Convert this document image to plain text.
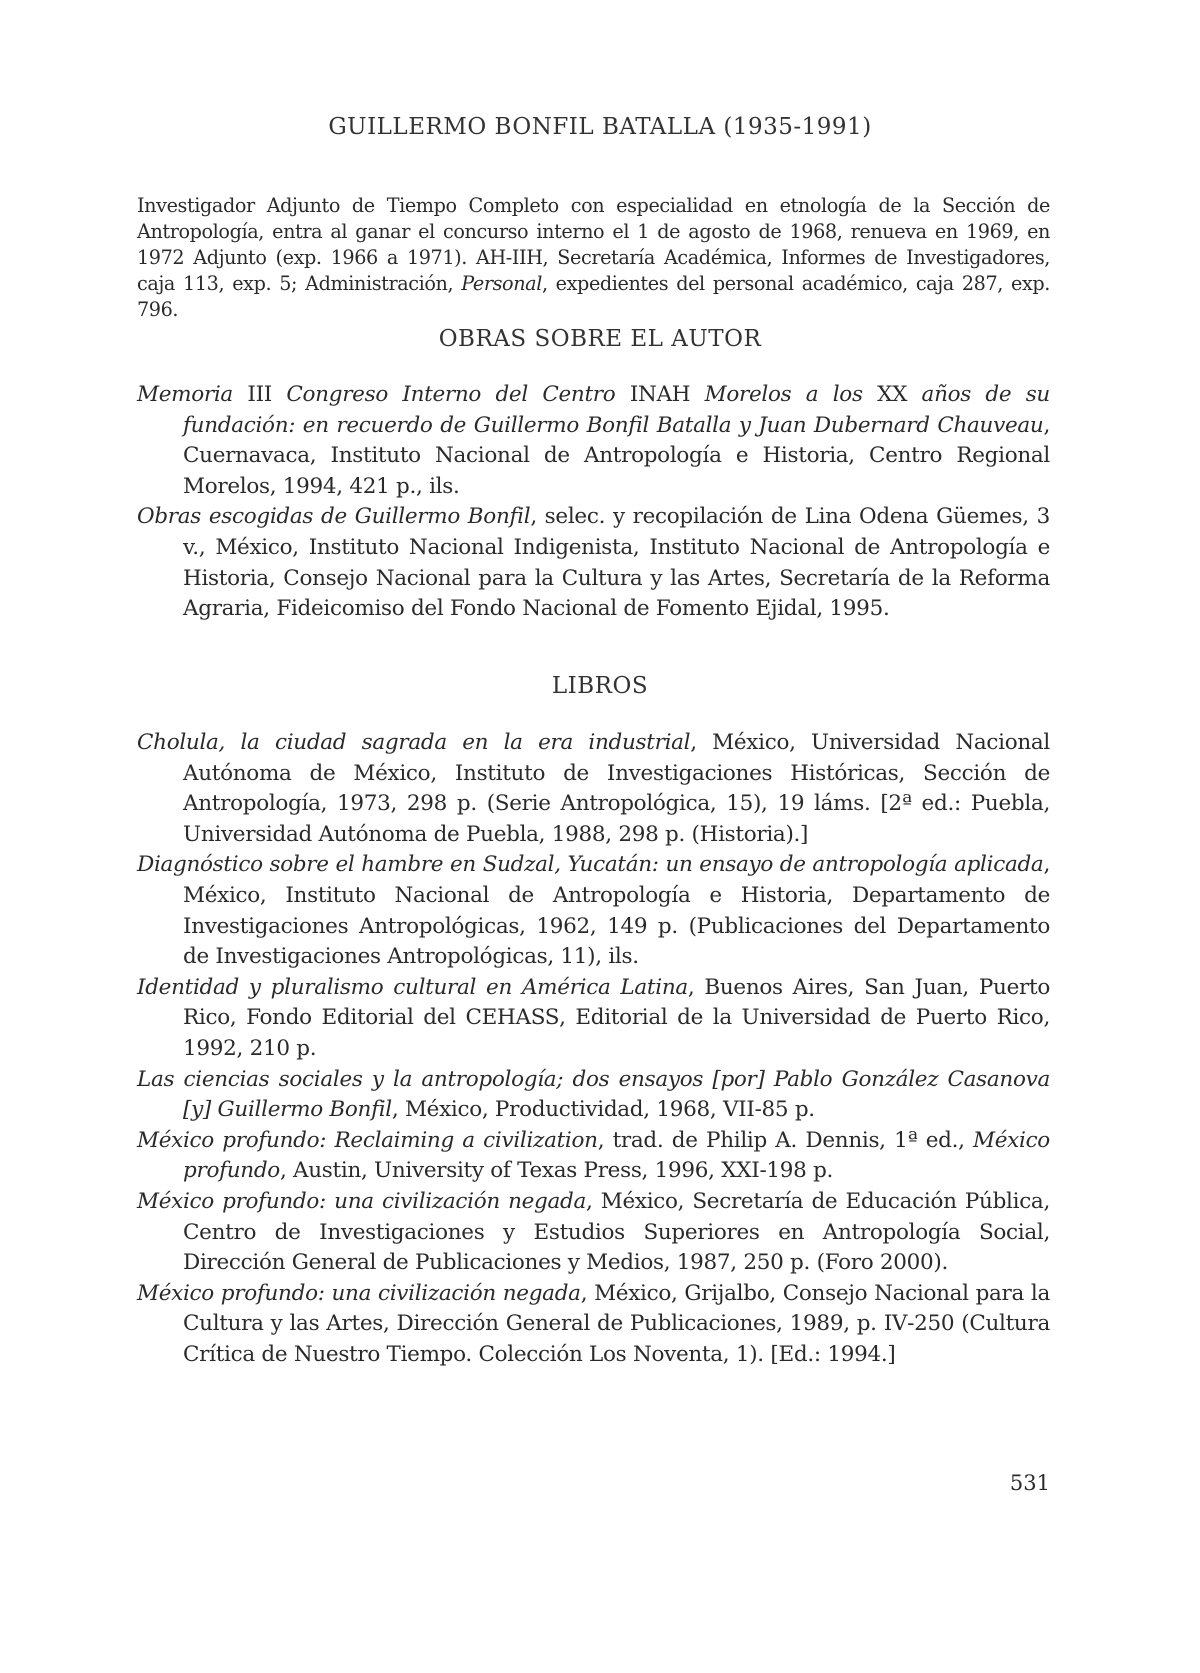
GUILLERMO BONFIL BATALLA (1935-1991)

Investigador Adjunto de Tiempo Completo con especialidad en etnología de la Sección de Antropología, entra al ganar el concurso interno el 1 de agosto de 1968, renueva en 1969, en 1972 Adjunto (exp. 1966 a 1971). AH-IIH, Secretaría Académica, Informes de Investigadores, caja 113, exp. 5; Administración, Personal, expedientes del personal académico, caja 287, exp. 796.

OBRAS SOBRE EL AUTOR

Memoria III Congreso Interno del Centro INAH Morelos a los XX años de su fundación: en recuerdo de Guillermo Bonfil Batalla y Juan Dubernard Chauveau, Cuernavaca, Instituto Nacional de Antropología e Historia, Centro Regional Morelos, 1994, 421 p., ils.

Obras escogidas de Guillermo Bonfil, selec. y recopilación de Lina Odena Güemes, 3 v., México, Instituto Nacional Indigenista, Instituto Nacional de Antropología e Historia, Consejo Nacional para la Cultura y las Artes, Secretaría de la Reforma Agraria, Fideicomiso del Fondo Nacional de Fomento Ejidal, 1995.

LIBROS

Cholula, la ciudad sagrada en la era industrial, México, Universidad Nacional Autónoma de México, Instituto de Investigaciones Históricas, Sección de Antropología, 1973, 298 p. (Serie Antropológica, 15), 19 láms. [2ª ed.: Puebla, Universidad Autónoma de Puebla, 1988, 298 p. (Historia).]

Diagnóstico sobre el hambre en Sudzal, Yucatán: un ensayo de antropología aplicada, México, Instituto Nacional de Antropología e Historia, Departamento de Investigaciones Antropológicas, 1962, 149 p. (Publicaciones del Departamento de Investigaciones Antropológicas, 11), ils.

Identidad y pluralismo cultural en América Latina, Buenos Aires, San Juan, Puerto Rico, Fondo Editorial del CEHASS, Editorial de la Universidad de Puerto Rico, 1992, 210 p.

Las ciencias sociales y la antropología; dos ensayos [por] Pablo González Casanova [y] Guillermo Bonfil, México, Productividad, 1968, VII-85 p.

México profundo: Reclaiming a civilization, trad. de Philip A. Dennis, 1ª ed., México profundo, Austin, University of Texas Press, 1996, XXI-198 p.

México profundo: una civilización negada, México, Secretaría de Educación Pública, Centro de Investigaciones y Estudios Superiores en Antropología Social, Dirección General de Publicaciones y Medios, 1987, 250 p. (Foro 2000).

México profundo: una civilización negada, México, Grijalbo, Consejo Nacional para la Cultura y las Artes, Dirección General de Publicaciones, 1989, p. IV-250 (Cultura Crítica de Nuestro Tiempo. Colección Los Noventa, 1). [Ed.: 1994.]

531
